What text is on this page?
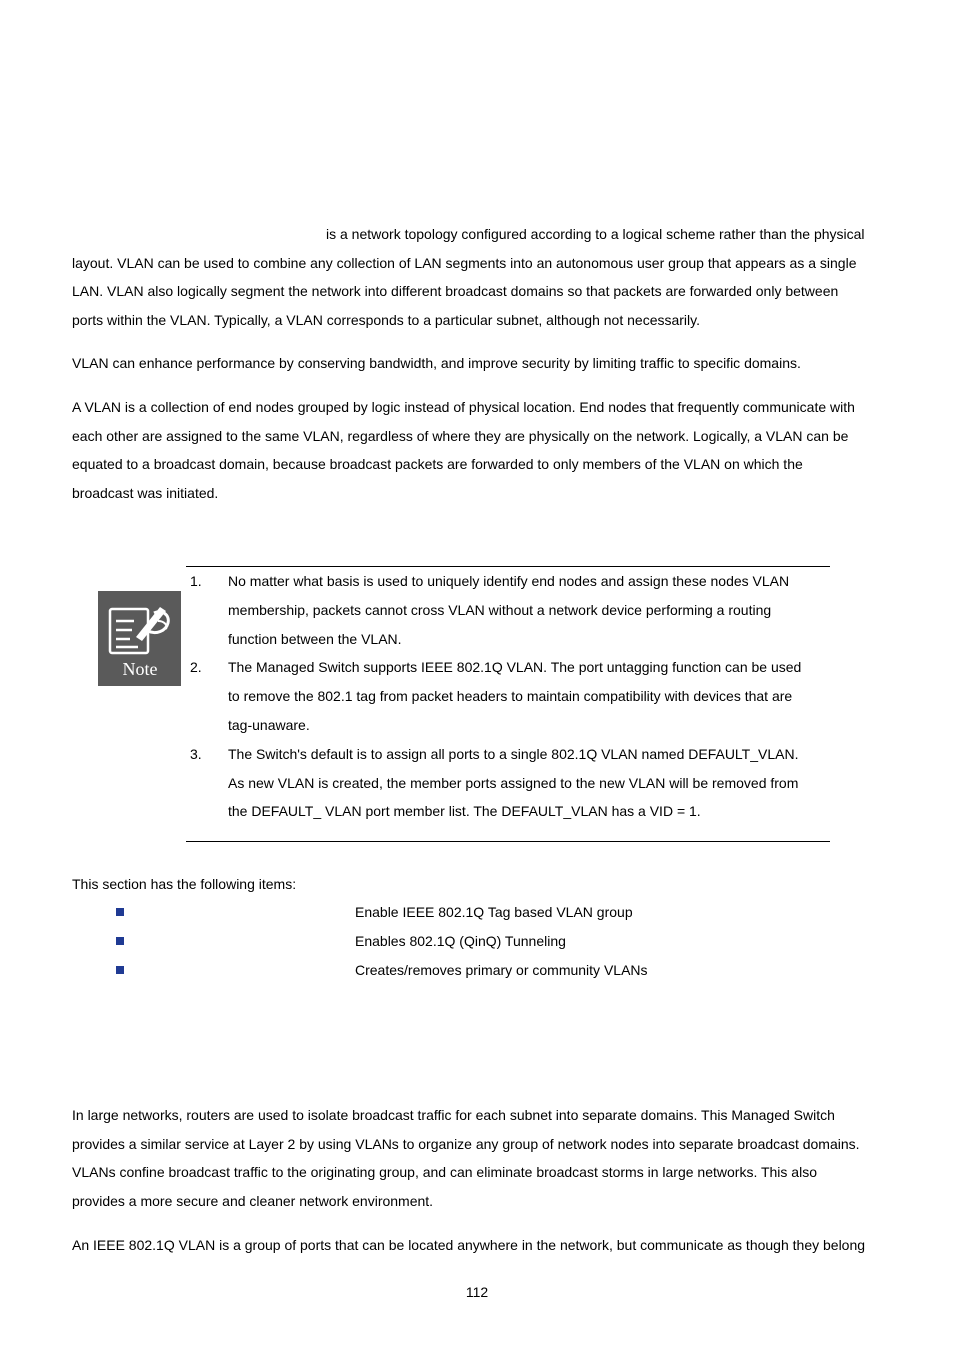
is a network topology configured according to a logical scheme rather than the physical
layout. VLAN can be used to combine any collection of LAN segments into an autonomous user group that appears as a single
LAN. VLAN also logically segment the network into different broadcast domains so that packets are forwarded only between
ports within the VLAN. Typically, a VLAN corresponds to a particular subnet, although not necessarily.

VLAN can enhance performance by conserving bandwidth, and improve security by limiting traffic to specific domains.

A VLAN is a collection of end nodes grouped by logic instead of physical location. End nodes that frequently communicate with
each other are assigned to the same VLAN, regardless of where they are physically on the network. Logically, a VLAN can be
equated to a broadcast domain, because broadcast packets are forwarded to only members of the VLAN on which the
broadcast was initiated.

Note
1. No matter what basis is used to uniquely identify end nodes and assign these nodes VLAN
membership, packets cannot cross VLAN without a network device performing a routing
function between the VLAN.
2. The Managed Switch supports IEEE 802.1Q VLAN. The port untagging function can be used
to remove the 802.1 tag from packet headers to maintain compatibility with devices that are
tag-unaware.
3. The Switch's default is to assign all ports to a single 802.1Q VLAN named DEFAULT_VLAN.
As new VLAN is created, the member ports assigned to the new VLAN will be removed from
the DEFAULT_ VLAN port member list. The DEFAULT_VLAN has a VID = 1.

This section has the following items:

Enable IEEE 802.1Q Tag based VLAN group
Enables 802.1Q (QinQ) Tunneling
Creates/removes primary or community VLANs

In large networks, routers are used to isolate broadcast traffic for each subnet into separate domains. This Managed Switch
provides a similar service at Layer 2 by using VLANs to organize any group of network nodes into separate broadcast domains.
VLANs confine broadcast traffic to the originating group, and can eliminate broadcast storms in large networks. This also
provides a more secure and cleaner network environment.

An IEEE 802.1Q VLAN is a group of ports that can be located anywhere in the network, but communicate as though they belong

112
